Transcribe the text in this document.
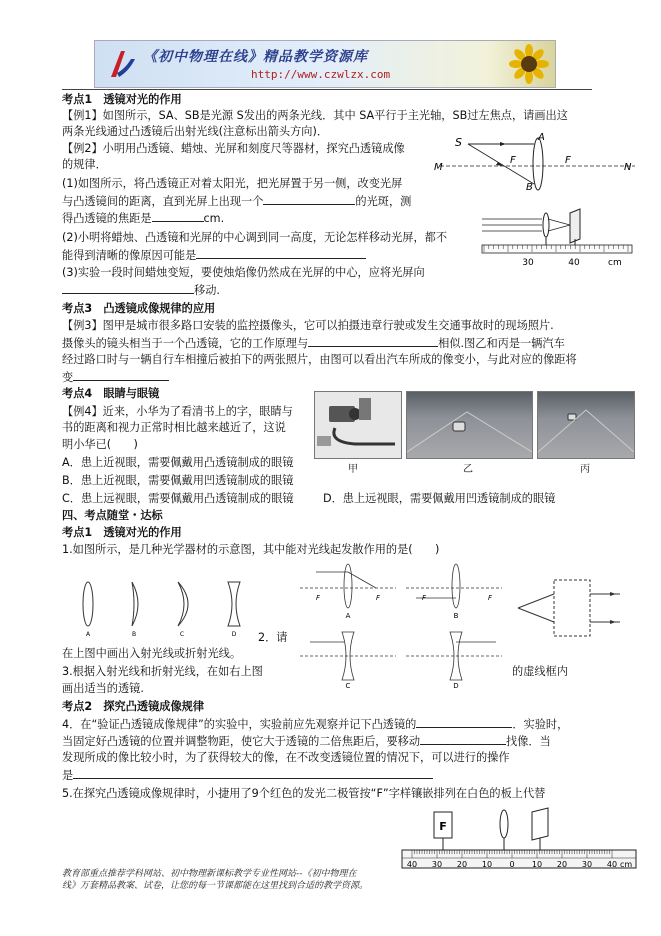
《初中物理在线》精品教学资源库
http://www.czwlzx.com
考点1　透镜对光的作用
【例1】如图所示，SA、SB是光源 S发出的两条光线．其中 SA平行于主光轴，SB过左焦点，请画出这
两条光线通过凸透镜后出射光线(注意标出箭头方向)．
【例2】小明用凸透镜、蜡烛、光屏和刻度尺等器材，探究凸透镜成像
的规律．
(1)如图所示，将凸透镜正对着太阳光，把光屏置于另一侧，改变光屏
与凸透镜间的距离，直到光屏上出现一个	的光斑，测
得凸透镜的焦距是	cm.
(2)小明将蜡烛、凸透镜和光屏的中心调到同一高度，无论怎样移动光屏，都不
能得到清晰的像原因可能是
(3)实验一段时间蜡烛变短，要使烛焰像仍然成在光屏的中心，应将光屏向
移动.
考点3　凸透镜成像规律的应用
【例3】图甲是城市很多路口安装的监控摄像头，它可以拍摄违章行驶或发生交通事故时的现场照片.
摄像头的镜头相当于一个凸透镜，它的工作原理与	相似.图乙和丙是一辆汽车
经过路口时与一辆自行车相撞后被拍下的两张照片，由图可以看出汽车所成的像变小，与此对应的像距将
变
考点4　眼睛与眼镜
【例4】近来，小华为了看清书上的字，眼睛与
书的距离和视力正常时相比越来越近了，这说
明小华已(　　)
A．患上近视眼，需要佩戴用凸透镜制成的眼镜
B．患上近视眼，需要佩戴用凹透镜制成的眼镜
C．患上远视眼，需要佩戴用凸透镜制成的眼镜	D．患上远视眼，需要佩戴用凹透镜制成的眼镜
四、考点随堂・达标
考点1　透镜对光的作用
1.如图所示，是几种光学器材的示意图，其中能对光线起发散作用的是(　　)
2．请
在上图中画出入射光线或折射光线。
3.根据入射光线和折射光线，在如右上图	的虚线框内
画出适当的透镜.
考点2　探究凸透镜成像规律
4．在“验证凸透镜成像规律”的实验中，实验前应先观察并记下凸透镜的	．实验时，
当固定好凸透镜的位置并调整物距，使它大于透镜的二倍焦距后，要移动	找像．当
发现所成的像比较小时，为了获得较大的像，在不改变透镜位置的情况下，可以进行的操作
是
5.在探究凸透镜成像规律时，小捷用了9个红色的发光二极管按“F”字样镶嵌排列在白色的板上代替
S	A
B
F	F
M	N
30	40	cm
甲	乙	丙
A	B	C	D
F	F	F	F
A	B
C	D
F
40 30 20 10 0 10 20 30 40 cm
教育部重点推荐学科网站、初中物理新课标教学专业性网站--《初中物理在
线》万套精品教案、试卷，让您的每一节课都能在这里找到合适的教学资源。
